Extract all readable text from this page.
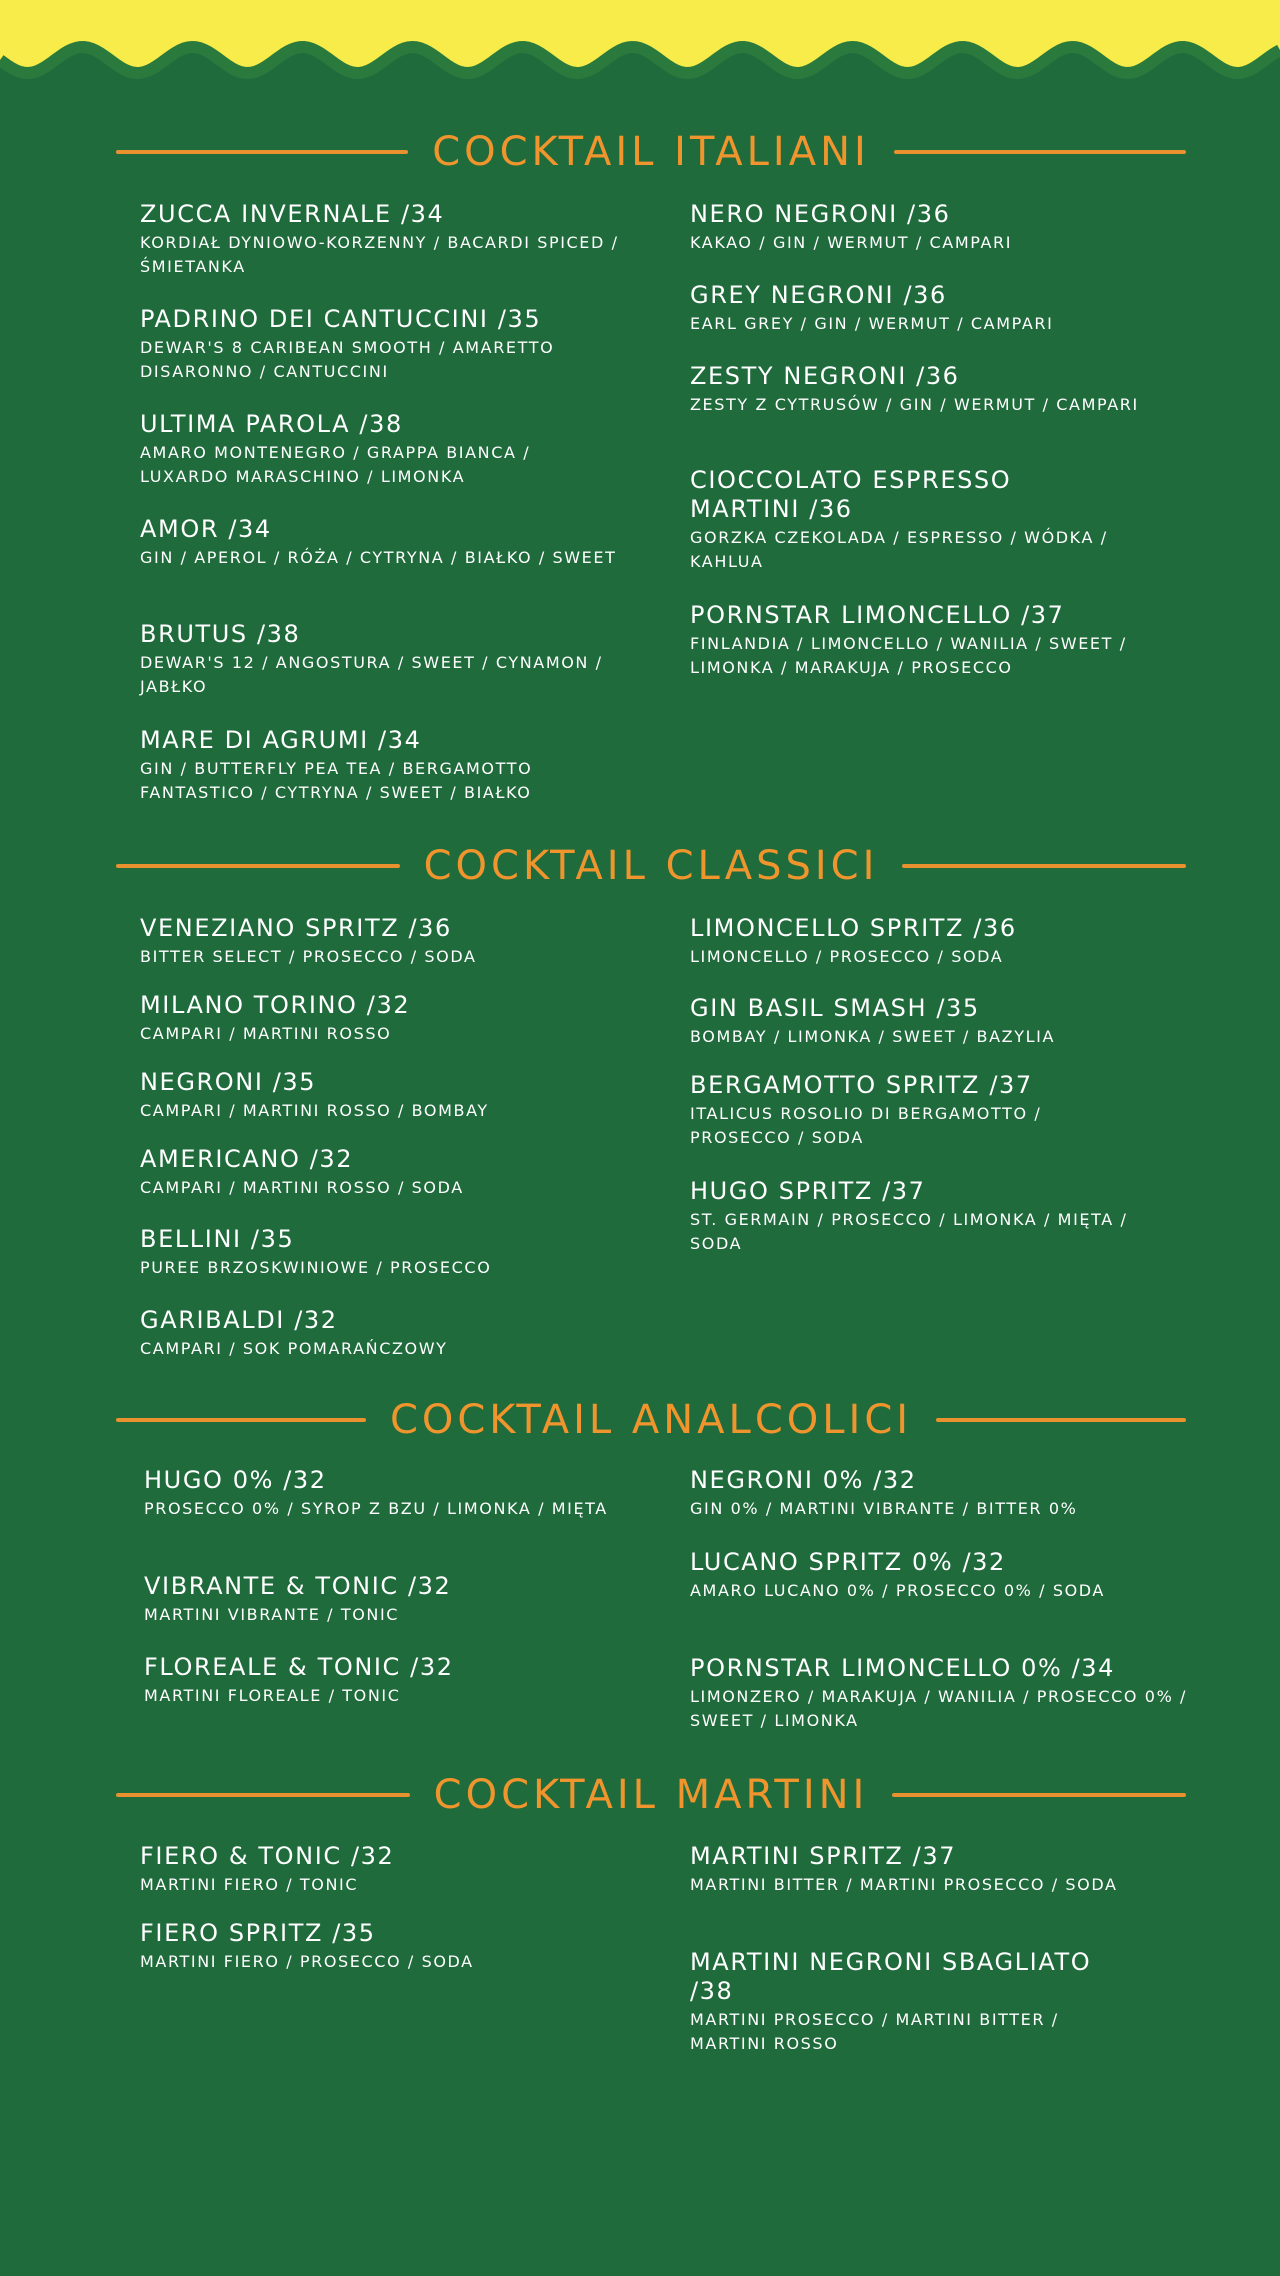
COCKTAIL ITALIANI
ZUCCA INVERNALE /34
KORDIAŁ DYNIOWO-KORZENNY / BACARDI SPICED / ŚMIETANKA
PADRINO DEI CANTUCCINI /35
DEWAR'S 8 CARIBEAN SMOOTH / AMARETTO DISARONNO / CANTUCCINI
ULTIMA PAROLA /38
AMARO MONTENEGRO / GRAPPA BIANCA / LUXARDO MARASCHINO / LIMONKA
AMOR /34
GIN / APEROL / RÓŻA / CYTRYNA / BIAŁKO / SWEET
BRUTUS /38
DEWAR'S 12 / ANGOSTURA / SWEET / CYNAMON / JABŁKO
MARE DI AGRUMI /34
GIN / BUTTERFLY PEA TEA / BERGAMOTTO FANTASTICO / CYTRYNA / SWEET / BIAŁKO
NERO NEGRONI /36
KAKAO / GIN / WERMUT / CAMPARI
GREY NEGRONI /36
EARL GREY / GIN / WERMUT / CAMPARI
ZESTY NEGRONI /36
ZESTY Z CYTRUSÓW / GIN / WERMUT / CAMPARI
CIOCCOLATO ESPRESSO MARTINI /36
GORZKA CZEKOLADA / ESPRESSO / WÓDKA / KAHLUA
PORNSTAR LIMONCELLO /37
FINLANDIA / LIMONCELLO / WANILIA / SWEET / LIMONKA / MARAKUJA / PROSECCO
COCKTAIL CLASSICI
VENEZIANO SPRITZ /36
BITTER SELECT / PROSECCO / SODA
MILANO TORINO /32
CAMPARI / MARTINI ROSSO
NEGRONI /35
CAMPARI / MARTINI ROSSO / BOMBAY
AMERICANO /32
CAMPARI / MARTINI ROSSO / SODA
BELLINI /35
PUREE BRZOSKWINIOWE / PROSECCO
GARIBALDI /32
CAMPARI / SOK POMARAŃCZOWY
LIMONCELLO SPRITZ /36
LIMONCELLO / PROSECCO / SODA
GIN BASIL SMASH /35
BOMBAY / LIMONKA / SWEET / BAZYLIA
BERGAMOTTO SPRITZ /37
ITALICUS ROSOLIO DI BERGAMOTTO / PROSECCO / SODA
HUGO SPRITZ /37
ST. GERMAIN / PROSECCO / LIMONKA / MIĘTA / SODA
COCKTAIL ANALCOLICI
HUGO 0% /32
PROSECCO 0% / SYROP Z BZU / LIMONKA / MIĘTA
VIBRANTE & TONIC /32
MARTINI VIBRANTE / TONIC
FLOREALE & TONIC /32
MARTINI FLOREALE / TONIC
NEGRONI 0% /32
GIN 0% / MARTINI VIBRANTE / BITTER 0%
LUCANO SPRITZ 0% /32
AMARO LUCANO 0% / PROSECCO 0% / SODA
PORNSTAR LIMONCELLO 0% /34
LIMONZERO / MARAKUJA / WANILIA / PROSECCO 0% / SWEET / LIMONKA
COCKTAIL MARTINI
FIERO & TONIC /32
MARTINI FIERO / TONIC
FIERO SPRITZ /35
MARTINI FIERO / PROSECCO / SODA
MARTINI SPRITZ /37
MARTINI BITTER / MARTINI PROSECCO / SODA
MARTINI NEGRONI SBAGLIATO /38
MARTINI PROSECCO / MARTINI BITTER / MARTINI ROSSO
